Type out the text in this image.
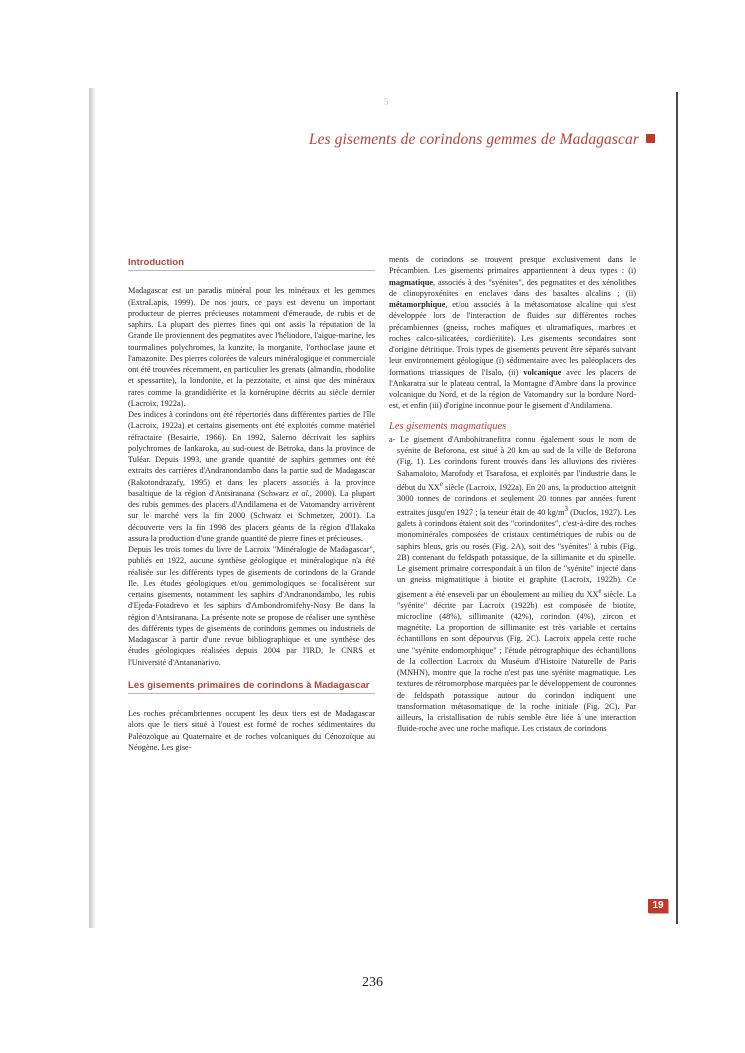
5
Les gisements de corindons gemmes de Madagascar
Introduction

Madagascar est un paradis minéral pour les minéraux et les gemmes (ExtraLapis, 1999). De nos jours, ce pays est devenu un important producteur de pierres précieuses notamment d'émeraude, de rubis et de saphirs. La plupart des pierres fines qui ont assis la réputation de la Grande Ile proviennent des pegmatites avec l'héliodore, l'aigue-marine, les tourmalines polychromes, la kunzite, la morganite, l'orthoclase jaune et l'amazonite. Des pierres colorées de valeurs minéralogique et commerciale ont été trouvées récemment, en particulier les grenats (almandin, rhodolite et spessartite), la londonite, et la pezzotaite, et ainsi que des minéraux rares comme la grandidiérite et la kornérupine décrits au siècle dernier (Lacroix, 1922a).

Des indices à corindons ont été répertoriés dans différentes parties de l'île (Lacroix, 1922a) et certains gisements ont été exploités comme matériel réfractaire (Besairie, 1966). En 1992, Salerno décrivait les saphirs polychromes de Iankaroka, au sud-ouest de Betroka, dans la province de Tuléar. Depuis 1993, une grande quantité de saphirs gemmes ont été extraits des carrières d'Andranondambo dans la partie sud de Madagascar (Rakotondrazafy, 1995) et dans les placers associés à la province basaltique de la région d'Antsiranana (Schwarz et al., 2000). La plupart des rubis gemmes des placers d'Andilamena et de Vatomandry arrivèrent sur le marché vers la fin 2000 (Schwarz et Schmetzer, 2001). La découverte vers la fin 1998 des placers géants de la région d'Ilakaka assura la production d'une grande quantité de pierre fines et précieuses.

Depuis les trois tomes du livre de Lacroix "Minéralogie de Madagascar", publiés en 1922, aucune synthèse géologique et minéralogique n'a été réalisée sur les différents types de gisements de corindons de la Grande Ile. Les études géologiques et/ou gemmologiques se focalisèrent sur certains gisements, notamment les saphirs d'Andranondambo, les rubis d'Ejeda-Fotadrevo et les saphirs d'Ambondromifehy-Nosy Be dans la région d'Antsiranana. La présente note se propose de réaliser une synthèse des différents types de gisements de corindons gemmes ou industriels de Madagascar à partir d'une revue bibliographique et une synthèse des études géologiques réalisées depuis 2004 par l'IRD, le CNRS et l'Université d'Antananarivo.

Les gisements primaires de corindons à Madagascar

Les roches précambriennes occupent les deux tiers est de Madagascar alors que le tiers situé à l'ouest est formé de roches sédimentaires du Paléozoïque au Quaternaire et de roches volcaniques du Cénozoïque au Néogène. Les gise-

ments de corindons se trouvent presque exclusivement dans le Précambien. Les gisements primaires appartiennent à deux types : (i) magmatique, associés à des "syénites", des pegmatites et des xénolithes de clinopyroxénites en enclaves dans des basaltes alcalins ; (ii) métamorphique, et/ou associés à la métasomatose alcaline qui s'est développée lors de l'interaction de fluides sur différentes roches précambiennes (gneiss, roches mafiques et ultramafiques, marbres et roches calco-silicatées, cordiéritite). Les gisements secondaires sont d'origine détritique. Trois types de gisements peuvent être séparés suivant leur environnement géologique (i) sédimentaire avec les paléoplacers des formations triassiques de l'Isalo, (ii) volcanique avec les placers de l'Ankaratra sur le plateau central, la Montagne d'Ambre dans la province volcanique du Nord, et de la région de Vatomandry sur la bordure Nord-est, et enfin (iii) d'origine inconnue pour le gisement d'Andilamena.

Les gisements magmatiques

a- Le gisement d'Ambohitranefitra connu également sous le nom de syénite de Beforona, est situé à 20 km au sud de la ville de Beforona (Fig. 1). Les corindons furent trouvés dans les alluvions des rivières Sahamaloto, Marofody et Tsarafosa, et exploités par l'industrie dans le début du XXe siècle (Lacroix, 1922a). En 20 ans, la production atteignit 3000 tonnes de corindons et seulement 20 tonnes par années furent extraites jusqu'en 1927 ; la teneur était de 40 $kg/m^3$ (Duclos, 1927). Les galets à corindons étaient soit des "corindonites", c'est-à-dire des roches monominérales composées de cristaux centimétriques de rubis ou de saphirs bleus, gris ou rosés (Fig. 2A), soit des "syénites" à rubis (Fig. 2B) contenant du feldspath potassique, de la sillimanite et du spinelle. Le gisement primaire correspondait à un filon de "syénite" injecté dans un gneiss migmatitique à biotite et graphite (Lacroix, 1922b). Ce gisement a été enseveli par un éboulement au milieu du XXe siècle. La "syénite" décrite par Lacroix (1922b) est composée de biotite, microcline (48%), sillimanite (42%), corindon (4%), zircon et magnétite. La proportion de sillimanite est très variable et certains échantillons en sont dépourvus (Fig. 2C). Lacroix appela cette roche une "syénite endomorphique" ; l'étude pétrographique des échantillons de la collection Lacroix du Muséum d'Histoire Naturelle de Paris (MNHN), montre que la roche n'est pas une syénite magmatique. Les textures de rétromorphose marquées par le développement de couronnes de feldspath potassique autour du corindon indiquent une transformation métasomatique de la roche initiale (Fig. 2C). Par ailleurs, la cristallisation de rubis semble être liée à une interaction fluide-roche avec une roche mafique. Les cristaux de corindons

19
236
